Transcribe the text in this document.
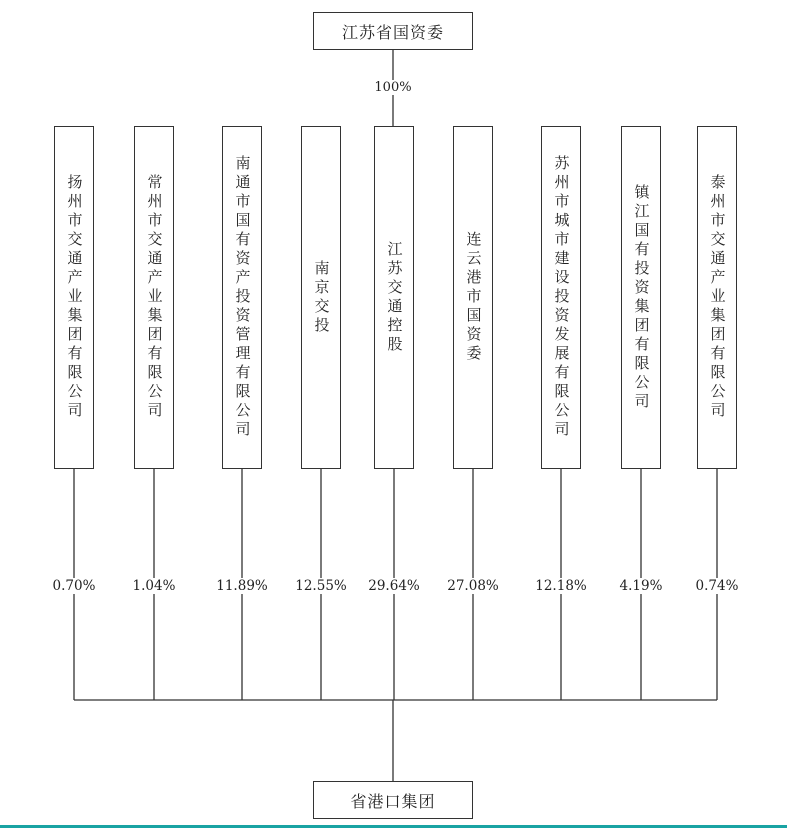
江苏省国资委
100%
扬州市交通产业集团有限公司
0.70%
常州市交通产业集团有限公司
1.04%
南通市国有资产投资管理有限公司
11.89%
南京交投
12.55%
江苏交通控股
29.64%
连云港市国资委
27.08%
苏州市城市建设投资发展有限公司
12.18%
镇江国有投资集团有限公司
4.19%
泰州市交通产业集团有限公司
0.74%
省港口集团
